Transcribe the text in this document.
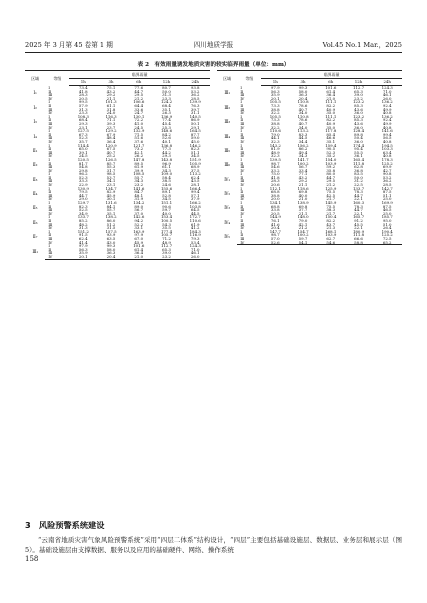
2025 年 3 月第 45 卷第 1 期	四川地质学报	Vol.45 No.1 Mar.，2025
表 2　有效雨量诱发地质灾害的较实临界雨量（单位：mm）
区域	等级	临界雨量				
		1h	3h	6h	12h	24h
Ⅰ₁	Ⅰ	73.4	75.1	77.6	80.7	93.8
	Ⅱ	41.8	43.2	44.7	50.0	53.2
	Ⅲ	28.3	29.2	29.5	31.3	36.2
	Ⅳ	20.5	21.1	21.2	23.3	28.5
Ⅰ₂	Ⅰ	99.5	101.3	106.6	124.2	139.9
	Ⅱ	57.9	61.1	64.4	68.4	76.3
	Ⅲ	31.3	31.8	33.6	35.1	39.7
	Ⅳ	23.3	24.0	24.7	26.3	31.1
Ⅰ₃	Ⅰ	108.3	116.3	130.1	136.9	140.5
	Ⅱ	68.4	71.1	72.2	77.4	86.9
	Ⅲ	29.3	39.3	41.0	45.4	50.1
	Ⅳ	23.1	23.7	24.5	25.3	29.1
Ⅰ₄	Ⅰ	127.5	129.2	132.9	148.6	164.5
	Ⅱ	67.3	67.9	71.5	84.2	87.7
	Ⅲ	52.3	48.4	51.6	52.6	59.0
	Ⅳ	35.7	36.4	37.6	40.1	45.0
Ⅱ₁	Ⅰ	114.4	120.9	121.7	136.8	146.2
	Ⅱ	65.0	67.5	73.2	77.3	82.3
	Ⅲ	39.1	40.7	42.1	44.2	51.1
	Ⅳ	24.5	25.2	26.2	29.3	34.5
Ⅱ₂	Ⅰ	120.5	126.5	147.8	143.8	151.9
	Ⅱ	81.7	85.7	89.5	96.9	105.9
	Ⅲ	54.8	55.3	61.9	61.1	68.9
	Ⅳ	29.8	31.7	39.9	34.3	37.5
Ⅱ₃	Ⅰ	96.2	98.5	108.5	109.0	113.2
	Ⅱ	52.3	53.7	55.7	58.4	62.4
	Ⅲ	33.3	34.1	34.3	38.5	43.5
	Ⅳ	22.9	23.1	23.2	24.6	28.1
Ⅱ₄	Ⅰ	130.9	134.7	141.6	155.6	166.4
	Ⅱ	79.5	82.9	84.7	89.1	99.4
	Ⅲ	44.7	45.9	48.1	52.8	57.1
	Ⅳ	29.0	30.1	31.9	34.5	37.9
Ⅱ₅	Ⅰ	129.7	131.6	134.2	151.1	166.2
	Ⅱ	82.3	84.1	89.0	90.6	103.8
	Ⅲ	52.5	55.7	56.7	59.7	64.5
	Ⅳ	34.9	35.1	37.0	40.0	44.5
Ⅱ₆	Ⅰ	133.7	138.2	142.6	153.4	172.7
	Ⅱ	85.2	86.0	94.2	100.5	110.6
	Ⅲ	48.2	51.2	52.2	54.3	61.9
	Ⅳ	31.3	31.5	33.1	35.5	41.2
Ⅱ₇	Ⅰ	151.2	157.5	163.9	177.4	184.3
	Ⅱ	91.5	93.9	97.9	105.7	116.9
	Ⅲ	62.4	63.5	67.0	71.2	79.3
	Ⅳ	41.4	43.0	45.9	48.9	53.4
Ⅲ₁	Ⅰ	97.9	99.3	101.6	112.7	124.3
	Ⅱ	56.3	58.0	61.4	65.3	71.0
	Ⅲ	35.9	36.3	36.4	39.0	46.1
	Ⅳ	20.1	20.4	21.0	23.2	26.0
区域	等级	临界雨量				
		1h	3h	6h	12h	24h
Ⅲ₁	Ⅰ	97.9	99.3	101.6	112.7	124.3
	Ⅱ	56.3	58.0	61.4	65.3	71.0
	Ⅲ	35.9	36.3	36.4	39.0	46.1
	Ⅳ	20.1	20.4	21.0	23.2	26.0
Ⅲ₂	Ⅰ	105.5	110.8	111.1	123.2	136.2
	Ⅱ	73.3	78.6	82.2	85.3	92.4
	Ⅲ	38.8	40.7	40.9	43.6	49.9
	Ⅳ	32.2	34.0	35.0	36.0	40.8
Ⅲ₃	Ⅰ	105.5	110.8	111.1	123.2	136.2
	Ⅱ	73.3	78.6	82.2	85.3	92.4
	Ⅲ	38.8	40.7	40.9	43.6	49.9
	Ⅳ	32.2	34.0	35.0	36.0	40.8
Ⅲ₄	Ⅰ	110.6	113.2	117.8	128.4	141.6
	Ⅱ	79.0	83.3	85.4	89.8	99.4
	Ⅲ	44.1	44.5	46.6	50.4	56.5
	Ⅳ	32.3	34.4	35.1	36.0	40.8
Ⅲ₅	Ⅰ	143.2	156.2	159.4	174.4	194.5
	Ⅱ	81.9	86.2	90.5	95.4	103.3
	Ⅲ	48.9	49.4	52.3	55.5	63.4
	Ⅳ	32.3	34.3	35.2	36.1	40.8
Ⅲ₆	Ⅰ	139.5	141.7	154.0	165.4	178.3
	Ⅱ	98.7	100.2	103.9	111.8	125.2
	Ⅲ	54.6	56.7	59.2	62.8	69.9
	Ⅳ	33.2	33.4	35.8	36.8	42.7
Ⅳ₁	Ⅰ	75.0	77.1	80.0	83.5	90.8
	Ⅱ	41.8	43.2	44.7	50.0	53.2
	Ⅲ	28.3	29.2	29.5	31.2	36.2
	Ⅳ	20.6	21.1	21.2	22.5	28.5
Ⅳ₂	Ⅰ	112.1	118.6	125.9	133.7	142.7
	Ⅱ	68.8	69.8	75.5	78.3	87.5
	Ⅲ	38.8	40.0	42.5	44.7	51.1
	Ⅳ	20.0	21.0	21.7	22.1	25.0
Ⅳ₃	Ⅰ	134.1	138.9	145.9	160.3	169.9
	Ⅱ	68.8	69.8	75.5	78.3	87.5
	Ⅲ	33.8	37.7	38.3	44.7	46.5
	Ⅳ	20.5	21.1	21.7	22.1	25.0
Ⅳ₄	Ⅰ	144.9	148.0	150.4	165.7	185.7
	Ⅱ	76.1	79.0	82.2	91.2	95.0
	Ⅲ	41.6	42.1	43.7	45.5	51.0
	Ⅳ	20.4	21.2	21.3	22.1	26.4
Ⅳ₅	Ⅰ	147.7	154.7	168.1	180.9	190.4
	Ⅱ	98.7	100.2	103.9	111.8	125.2
	Ⅲ	57.0	59.7	62.7	66.6	72.5
	Ⅳ	52.6	54.1	54.6	58.8	65.2
3　风险预警系统建设
“云南省地质灾害气象风险预警系统”采用“四层二体系”结构设计，“四层”主要包括基础设施层、数据层、业务层和展示层（图 5）。基础设施层由支撑数据、服务以及应用的基础硬件、网络、操作系统
158
